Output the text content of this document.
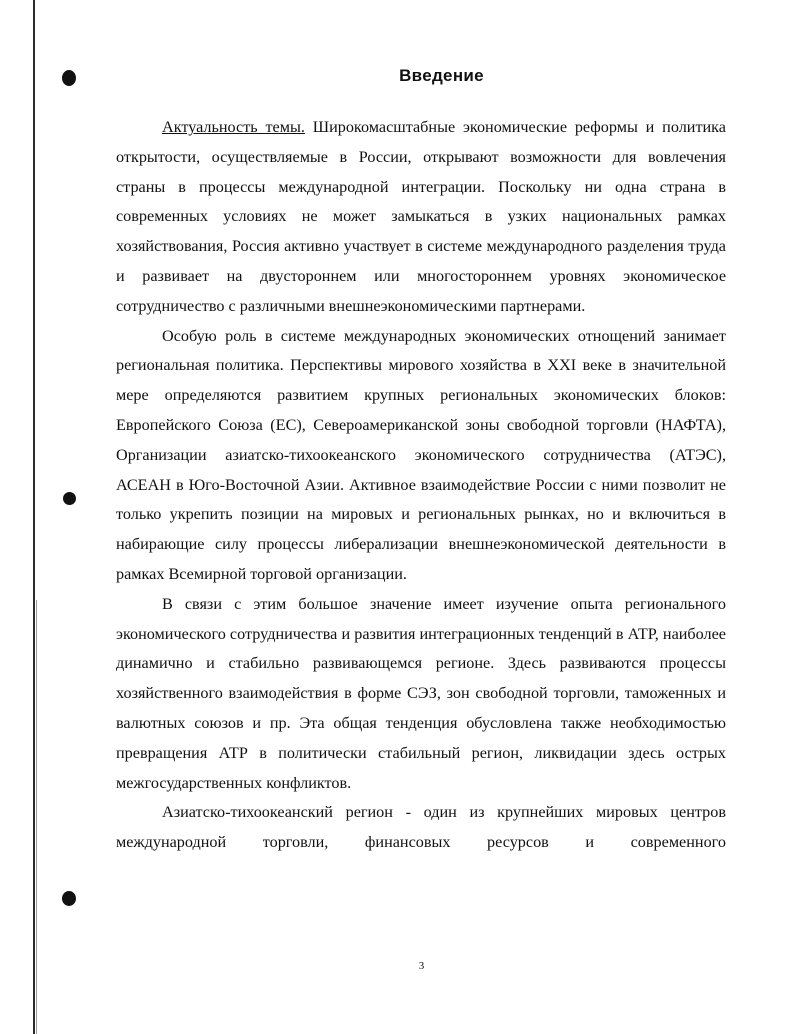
Введение

Актуальность темы. Широкомасштабные экономические реформы и политика открытости, осуществляемые в России, открывают возможности для вовлечения страны в процессы международной интеграции. Поскольку ни одна страна в современных условиях не может замыкаться в узких национальных рамках хозяйствования, Россия активно участвует в системе международного разделения труда и развивает на двустороннем или многостороннем уровнях экономическое сотрудничество с различными внешнеэкономическими партнерами.

Особую роль в системе международных экономических отнощений занимает региональная политика. Перспективы мирового хозяйства в XXI веке в значительной мере определяются развитием крупных региональных экономических блоков: Европейского Союза (ЕС), Североамериканской зоны свободной торговли (НАФТА), Организации азиатско-тихоокеанского экономического сотрудничества (АТЭС), АСЕАН в Юго-Восточной Азии. Активное взаимодействие России с ними позволит не только укрепить позиции на мировых и региональных рынках, но и включиться в набирающие силу процессы либерализации внешнеэкономической деятельности в рамках Всемирной торговой организации.

В связи с этим большое значение имеет изучение опыта регионального экономического сотрудничества и развития интеграционных тенденций в АТР, наиболее динамично и стабильно развивающемся регионе. Здесь развиваются процессы хозяйственного взаимодействия в форме СЭЗ, зон свободной торговли, таможенных и валютных союзов и пр. Эта общая тенденция обусловлена также необходимостью превращения АТР в политически стабильный регион, ликвидации здесь острых межгосударственных конфликтов.

Азиатско-тихоокеанский регион - один из крупнейших мировых центров международной торговли, финансовых ресурсов и современного

3
